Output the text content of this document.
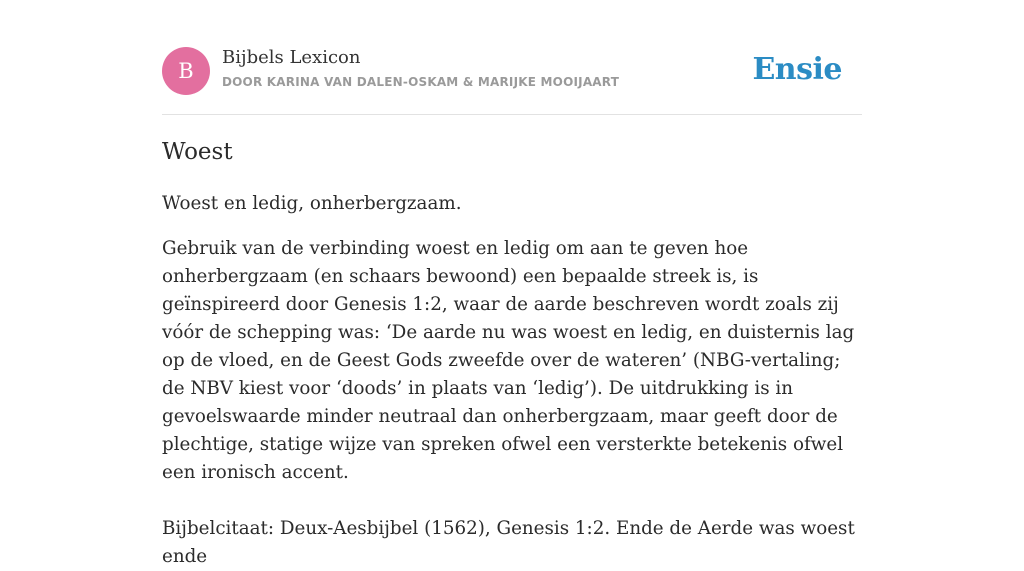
B
Bijbels Lexicon
DOOR KARINA VAN DALEN-OSKAM & MARIJKE MOOIJAART	Ensie
Woest

Woest en ledig, onherbergzaam.

Gebruik van de verbinding woest en ledig om aan te geven hoe onherbergzaam (en schaars bewoond) een bepaalde streek is, is geïnspireerd door Genesis 1:2, waar de aarde beschreven wordt zoals zij vóór de schepping was: ‘De aarde nu was woest en ledig, en duisternis lag op de vloed, en de Geest Gods zweefde over de wateren’ (NBG-vertaling; de NBV kiest voor ‘doods’ in plaats van ‘ledig’). De uitdrukking is in gevoelswaarde minder neutraal dan onherbergzaam, maar geeft door de plechtige, statige wijze van spreken ofwel een versterkte betekenis ofwel een ironisch accent.

Bijbelcitaat: Deux-Aesbijbel (1562), Genesis 1:2. Ende de Aerde was woest ende
